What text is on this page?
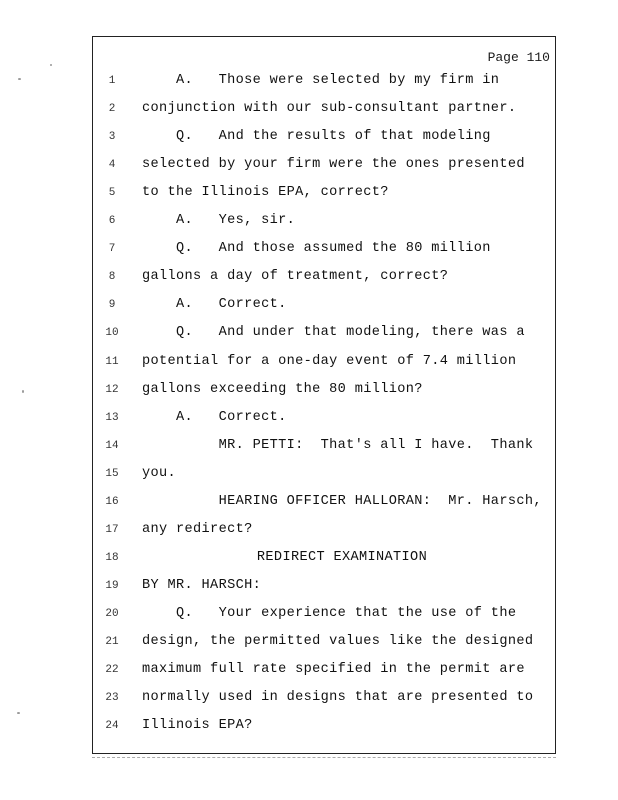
Page 110
1	A.   Those were selected by my firm in
2	conjunction with our sub-consultant partner.
3	Q.   And the results of that modeling
4	selected by your firm were the ones presented
5	to the Illinois EPA, correct?
6	A.   Yes, sir.
7	Q.   And those assumed the 80 million
8	gallons a day of treatment, correct?
9	A.   Correct.
10	Q.   And under that modeling, there was a
11	potential for a one-day event of 7.4 million
12	gallons exceeding the 80 million?
13	A.   Correct.
14	MR. PETTI:  That's all I have.  Thank
15	you.
16	HEARING OFFICER HALLORAN:  Mr. Harsch,
17	any redirect?
18	REDIRECT EXAMINATION
19	BY MR. HARSCH:
20	Q.   Your experience that the use of the
21	design, the permitted values like the designed
22	maximum full rate specified in the permit are
23	normally used in designs that are presented to
24	Illinois EPA?
